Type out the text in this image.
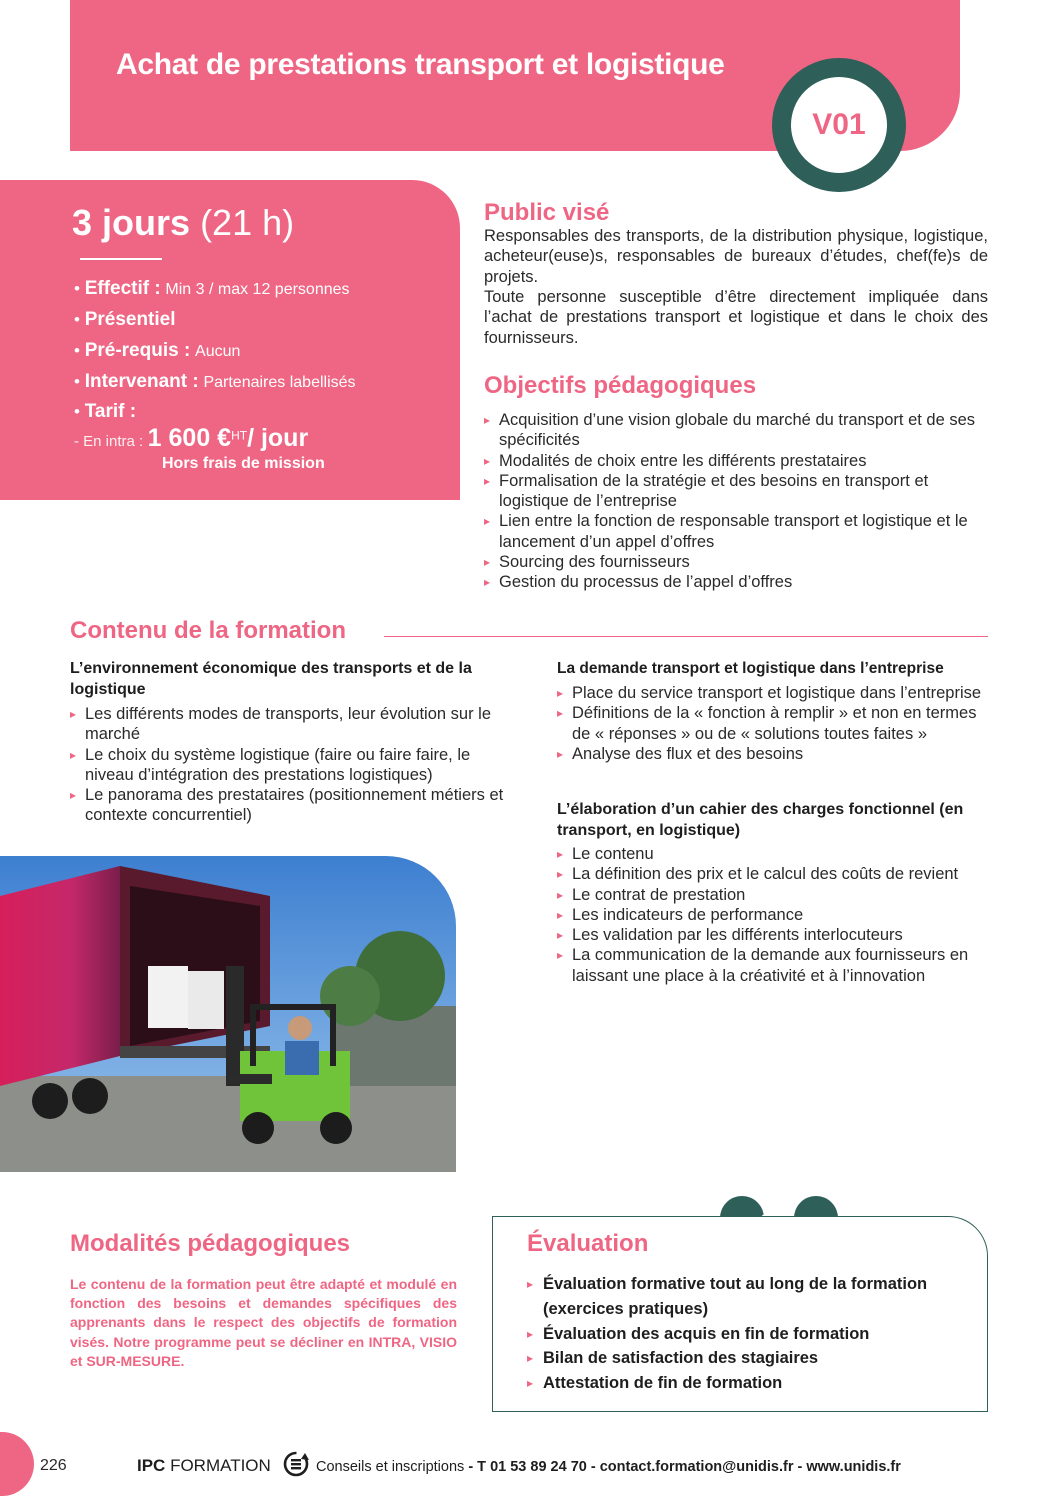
Achat de prestations transport et logistique
V01
3 jours (21 h)
• Effectif : Min 3 / max 12 personnes
• Présentiel
• Pré-requis : Aucun
• Intervenant : Partenaires labellisés
• Tarif :
- En intra : 1 600 €$^{HT}$/ jour
Hors frais de mission
Public visé

Responsables des transports, de la distribution physique, logistique, acheteur(euse)s, responsables de bureaux d’études, chef(fe)s de projets.

Toute personne susceptible d’être directement impliquée dans l’achat de prestations transport et logistique et dans le choix des fournisseurs.

Objectifs pédagogiques
▸ Acquisition d’une vision globale du marché du transport et de ses spécificités
▸ Modalités de choix entre les différents prestataires
▸ Formalisation de la stratégie et des besoins en transport et logistique de l’entreprise
▸ Lien entre la fonction de responsable transport et logistique et le lancement d’un appel d’offres
▸ Sourcing des fournisseurs
▸ Gestion du processus de l’appel d’offres
Contenu de la formation
L’environnement économique des transports et de la logistique
▸ Les différents modes de transports, leur évolution sur le marché
▸ Le choix du système logistique (faire ou faire faire, le niveau d’intégration des prestations logistiques)
▸ Le panorama des prestataires (positionnement métiers et contexte concurrentiel)
La demande transport et logistique dans l’entreprise
▸ Place du service transport et logistique dans l’entreprise
▸ Définitions de la « fonction à remplir » et non en termes de « réponses » ou de « solutions toutes faites »
▸ Analyse des flux et des besoins
L’élaboration d’un cahier des charges fonctionnel (en transport, en logistique)
▸ Le contenu
▸ La définition des prix et le calcul des coûts de revient
▸ Le contrat de prestation
▸ Les indicateurs de performance
▸ Les validation par les différents interlocuteurs
▸ La communication de la demande aux fournisseurs en laissant une place à la créativité et à l’innovation
Modalités pédagogiques

Le contenu de la formation peut être adapté et modulé en fonction des besoins et demandes spécifiques des apprenants dans le respect des objectifs de formation visés. Notre programme peut se décliner en INTRA, VISIO et SUR-MESURE.

Évaluation
▸ Évaluation formative tout au long de la formation
(exercices pratiques)
▸ Évaluation des acquis en fin de formation
▸ Bilan de satisfaction des stagiaires
▸ Attestation de fin de formation
226	IPC FORMATION	Conseils et inscriptions - T 01 53 89 24 70 - contact.formation@unidis.fr - www.unidis.fr
